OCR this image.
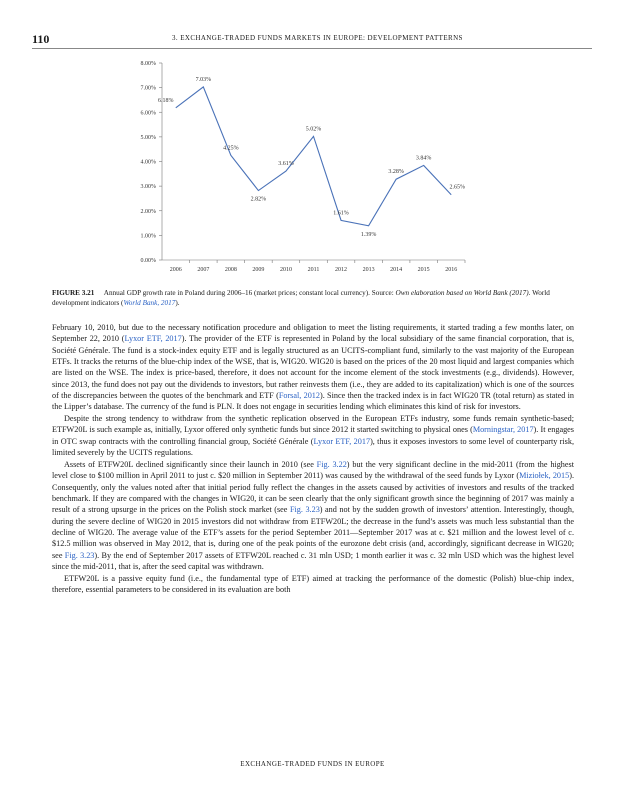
110	3. EXCHANGE-TRADED FUNDS MARKETS IN EUROPE: DEVELOPMENT PATTERNS
0.00%
1.00%
2.00%
3.00%
4.00%
5.00%
6.00%
7.00%
8.00%
2006	2007	2008	2009	2010	2011	2012	2013	2014	2015	2016
6.18%
7.03%
4.25%
2.82%
3.61%
5.02%
1.61%
1.39%
3.28%
3.84%
2.65%
FIGURE 3.21 Annual GDP growth rate in Poland during 2006–16 (market prices; constant local currency). Source: Own elaboration based on World Bank (2017). World development indicators (World Bank, 2017).

February 10, 2010, but due to the necessary notification procedure and obligation to meet the listing requirements, it started trading a few months later, on September 22, 2010 (Lyxor ETF, 2017). The provider of the ETF is represented in Poland by the local subsidiary of the same financial corporation, that is, Société Générale. The fund is a stock-index equity ETF and is legally structured as an UCITS-compliant fund, similarly to the vast majority of the European ETFs. It tracks the returns of the blue-chip index of the WSE, that is, WIG20. WIG20 is based on the prices of the 20 most liquid and largest companies which are listed on the WSE. The index is price-based, therefore, it does not account for the income element of the stock investments (e.g., dividends). However, since 2013, the fund does not pay out the dividends to investors, but rather reinvests them (i.e., they are added to its capitalization) which is one of the sources of the discrepancies between the quotes of the benchmark and ETF (Forsal, 2012). Since then the tracked index is in fact WIG20 TR (total return) as stated in the Lipper’s database. The currency of the fund is PLN. It does not engage in securities lending which eliminates this kind of risk for investors.

Despite the strong tendency to withdraw from the synthetic replication observed in the European ETFs industry, some funds remain synthetic-based; ETFW20L is such example as, initially, Lyxor offered only synthetic funds but since 2012 it started switching to physical ones (Morningstar, 2017). It engages in OTC swap contracts with the controlling financial group, Société Générale (Lyxor ETF, 2017), thus it exposes investors to some level of counterparty risk, limited severely by the UCITS regulations.

Assets of ETFW20L declined significantly since their launch in 2010 (see Fig. 3.22) but the very significant decline in the mid-2011 (from the highest level close to $100 million in April 2011 to just c. $20 million in September 2011) was caused by the withdrawal of the seed funds by Lyxor (Miziołek, 2015). Consequently, only the values noted after that initial period fully reflect the changes in the assets caused by activities of investors and results of the tracked benchmark. If they are compared with the changes in WIG20, it can be seen clearly that the only significant growth since the beginning of 2017 was mainly a result of a strong upsurge in the prices on the Polish stock market (see Fig. 3.23) and not by the sudden growth of investors’ attention. Interestingly, though, during the severe decline of WIG20 in 2015 investors did not withdraw from ETFW20L; the decrease in the fund’s assets was much less substantial than the decline of WIG20. The average value of the ETF’s assets for the period September 2011—September 2017 was at c. $21 million and the lowest level of c. $12.5 million was observed in May 2012, that is, during one of the peak points of the eurozone debt crisis (and, accordingly, significant decrease in WIG20; see Fig. 3.23). By the end of September 2017 assets of ETFW20L reached c. 31 mln USD; 1 month earlier it was c. 32 mln USD which was the highest level since the mid-2011, that is, after the seed capital was withdrawn.

ETFW20L is a passive equity fund (i.e., the fundamental type of ETF) aimed at tracking the performance of the domestic (Polish) blue-chip index, therefore, essential parameters to be considered in its evaluation are both

EXCHANGE-TRADED FUNDS IN EUROPE
